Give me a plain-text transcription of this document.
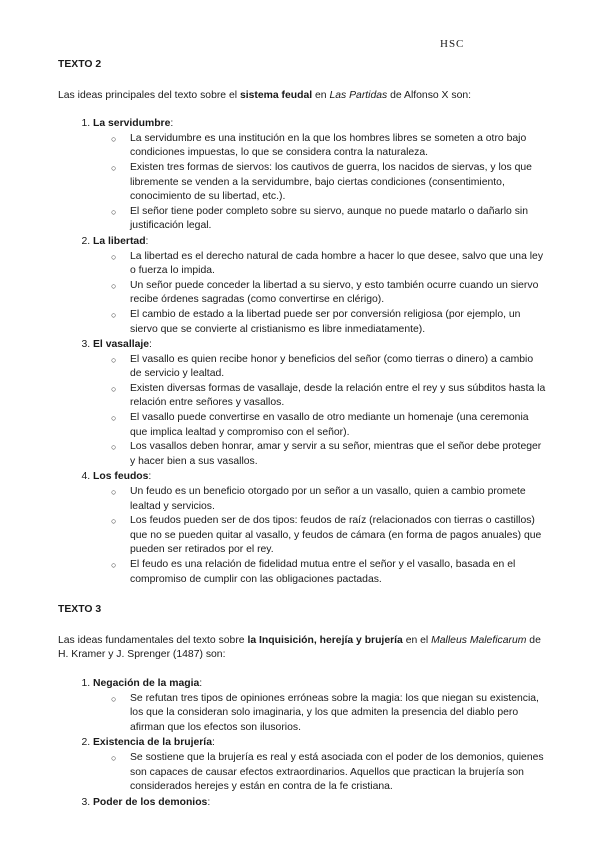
HSC

TEXTO 2

Las ideas principales del texto sobre el sistema feudal en Las Partidas de Alfonso X son:

1. La servidumbre:
○ La servidumbre es una institución en la que los hombres libres se someten a otro bajo condiciones impuestas, lo que se considera contra la naturaleza.
○ Existen tres formas de siervos: los cautivos de guerra, los nacidos de siervas, y los que libremente se venden a la servidumbre, bajo ciertas condiciones (consentimiento, conocimiento de su libertad, etc.).
○ El señor tiene poder completo sobre su siervo, aunque no puede matarlo o dañarlo sin justificación legal.
2. La libertad:
○ La libertad es el derecho natural de cada hombre a hacer lo que desee, salvo que una ley o fuerza lo impida.
○ Un señor puede conceder la libertad a su siervo, y esto también ocurre cuando un siervo recibe órdenes sagradas (como convertirse en clérigo).
○ El cambio de estado a la libertad puede ser por conversión religiosa (por ejemplo, un siervo que se convierte al cristianismo es libre inmediatamente).
3. El vasallaje:
○ El vasallo es quien recibe honor y beneficios del señor (como tierras o dinero) a cambio de servicio y lealtad.
○ Existen diversas formas de vasallaje, desde la relación entre el rey y sus súbditos hasta la relación entre señores y vasallos.
○ El vasallo puede convertirse en vasallo de otro mediante un homenaje (una ceremonia que implica lealtad y compromiso con el señor).
○ Los vasallos deben honrar, amar y servir a su señor, mientras que el señor debe proteger y hacer bien a sus vasallos.
4. Los feudos:
○ Un feudo es un beneficio otorgado por un señor a un vasallo, quien a cambio promete lealtad y servicios.
○ Los feudos pueden ser de dos tipos: feudos de raíz (relacionados con tierras o castillos) que no se pueden quitar al vasallo, y feudos de cámara (en forma de pagos anuales) que pueden ser retirados por el rey.
○ El feudo es una relación de fidelidad mutua entre el señor y el vasallo, basada en el compromiso de cumplir con las obligaciones pactadas.

TEXTO 3

Las ideas fundamentales del texto sobre la Inquisición, herejía y brujería en el Malleus Maleficarum de H. Kramer y J. Sprenger (1487) son:

1. Negación de la magia:
○ Se refutan tres tipos de opiniones erróneas sobre la magia: los que niegan su existencia, los que la consideran solo imaginaria, y los que admiten la presencia del diablo pero afirman que los efectos son ilusorios.
2. Existencia de la brujería:
○ Se sostiene que la brujería es real y está asociada con el poder de los demonios, quienes son capaces de causar efectos extraordinarios. Aquellos que practican la brujería son considerados herejes y están en contra de la fe cristiana.
3. Poder de los demonios:
